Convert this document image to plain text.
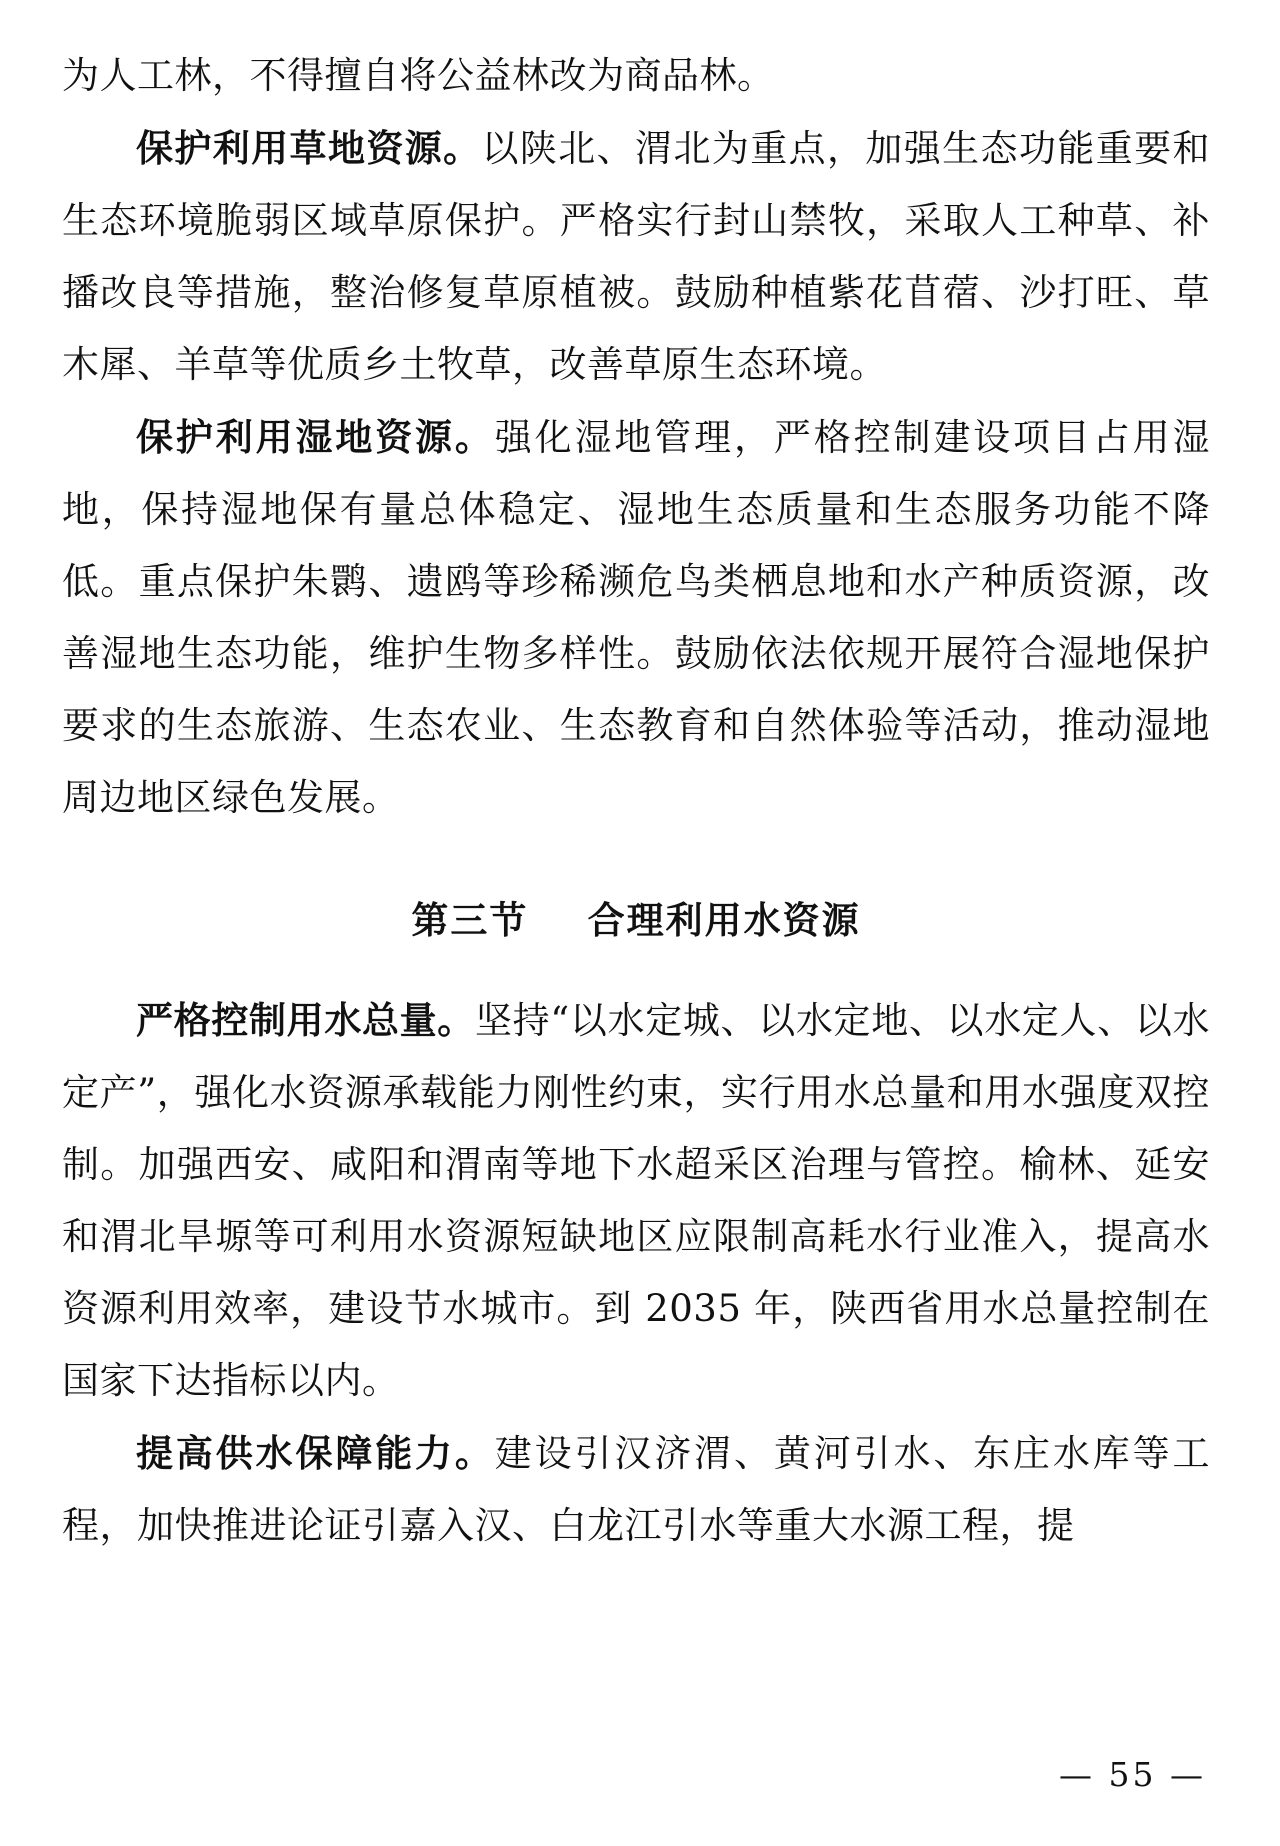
为人工林，不得擅自将公益林改为商品林。

保护利用草地资源。以陕北、渭北为重点，加强生态功能重要和生态环境脆弱区域草原保护。严格实行封山禁牧，采取人工种草、补播改良等措施，整治修复草原植被。鼓励种植紫花苜蓿、沙打旺、草木犀、羊草等优质乡土牧草，改善草原生态环境。

保护利用湿地资源。强化湿地管理，严格控制建设项目占用湿地，保持湿地保有量总体稳定、湿地生态质量和生态服务功能不降低。重点保护朱鹮、遗鸥等珍稀濒危鸟类栖息地和水产种质资源，改善湿地生态功能，维护生物多样性。鼓励依法依规开展符合湿地保护要求的生态旅游、生态农业、生态教育和自然体验等活动，推动湿地周边地区绿色发展。

第三节 合理利用水资源

严格控制用水总量。坚持“以水定城、以水定地、以水定人、以水定产”，强化水资源承载能力刚性约束，实行用水总量和用水强度双控制。加强西安、咸阳和渭南等地下水超采区治理与管控。榆林、延安和渭北旱塬等可利用水资源短缺地区应限制高耗水行业准入，提高水资源利用效率，建设节水城市。到 2035 年，陕西省用水总量控制在国家下达指标以内。

提高供水保障能力。建设引汉济渭、黄河引水、东庄水库等工程，加快推进论证引嘉入汉、白龙江引水等重大水源工程，提

— 55 —
